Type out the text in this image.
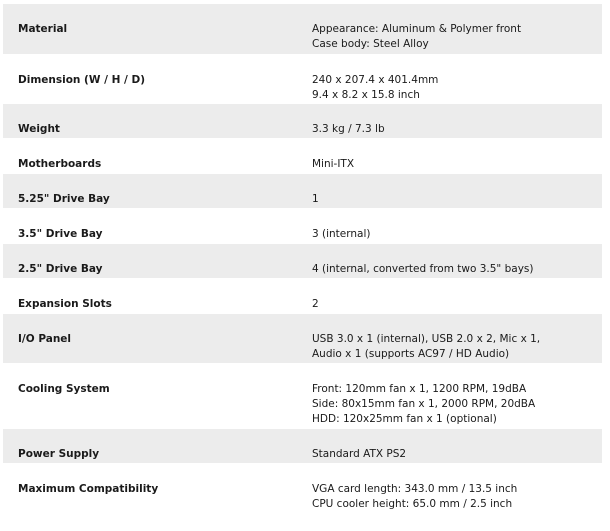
Material	Appearance: Aluminum & Polymer front
Case body: Steel Alloy

Dimension (W / H / D)	240 x 207.4 x 401.4mm
9.4 x 8.2 x 15.8 inch

Weight	3.3 kg / 7.3 lb

Motherboards	Mini-ITX

5.25" Drive Bay	1

3.5" Drive Bay	3 (internal)

2.5" Drive Bay	4 (internal, converted from two 3.5" bays)

Expansion Slots	2

I/O Panel	USB 3.0 x 1 (internal), USB 2.0 x 2, Mic x 1,
Audio x 1 (supports AC97 / HD Audio)

Cooling System	Front: 120mm fan x 1, 1200 RPM, 19dBA
Side: 80x15mm fan x 1, 2000 RPM, 20dBA
HDD: 120x25mm fan x 1 (optional)

Power Supply	Standard ATX PS2

Maximum Compatibility	VGA card length: 343.0 mm / 13.5 inch
CPU cooler height: 65.0 mm / 2.5 inch
